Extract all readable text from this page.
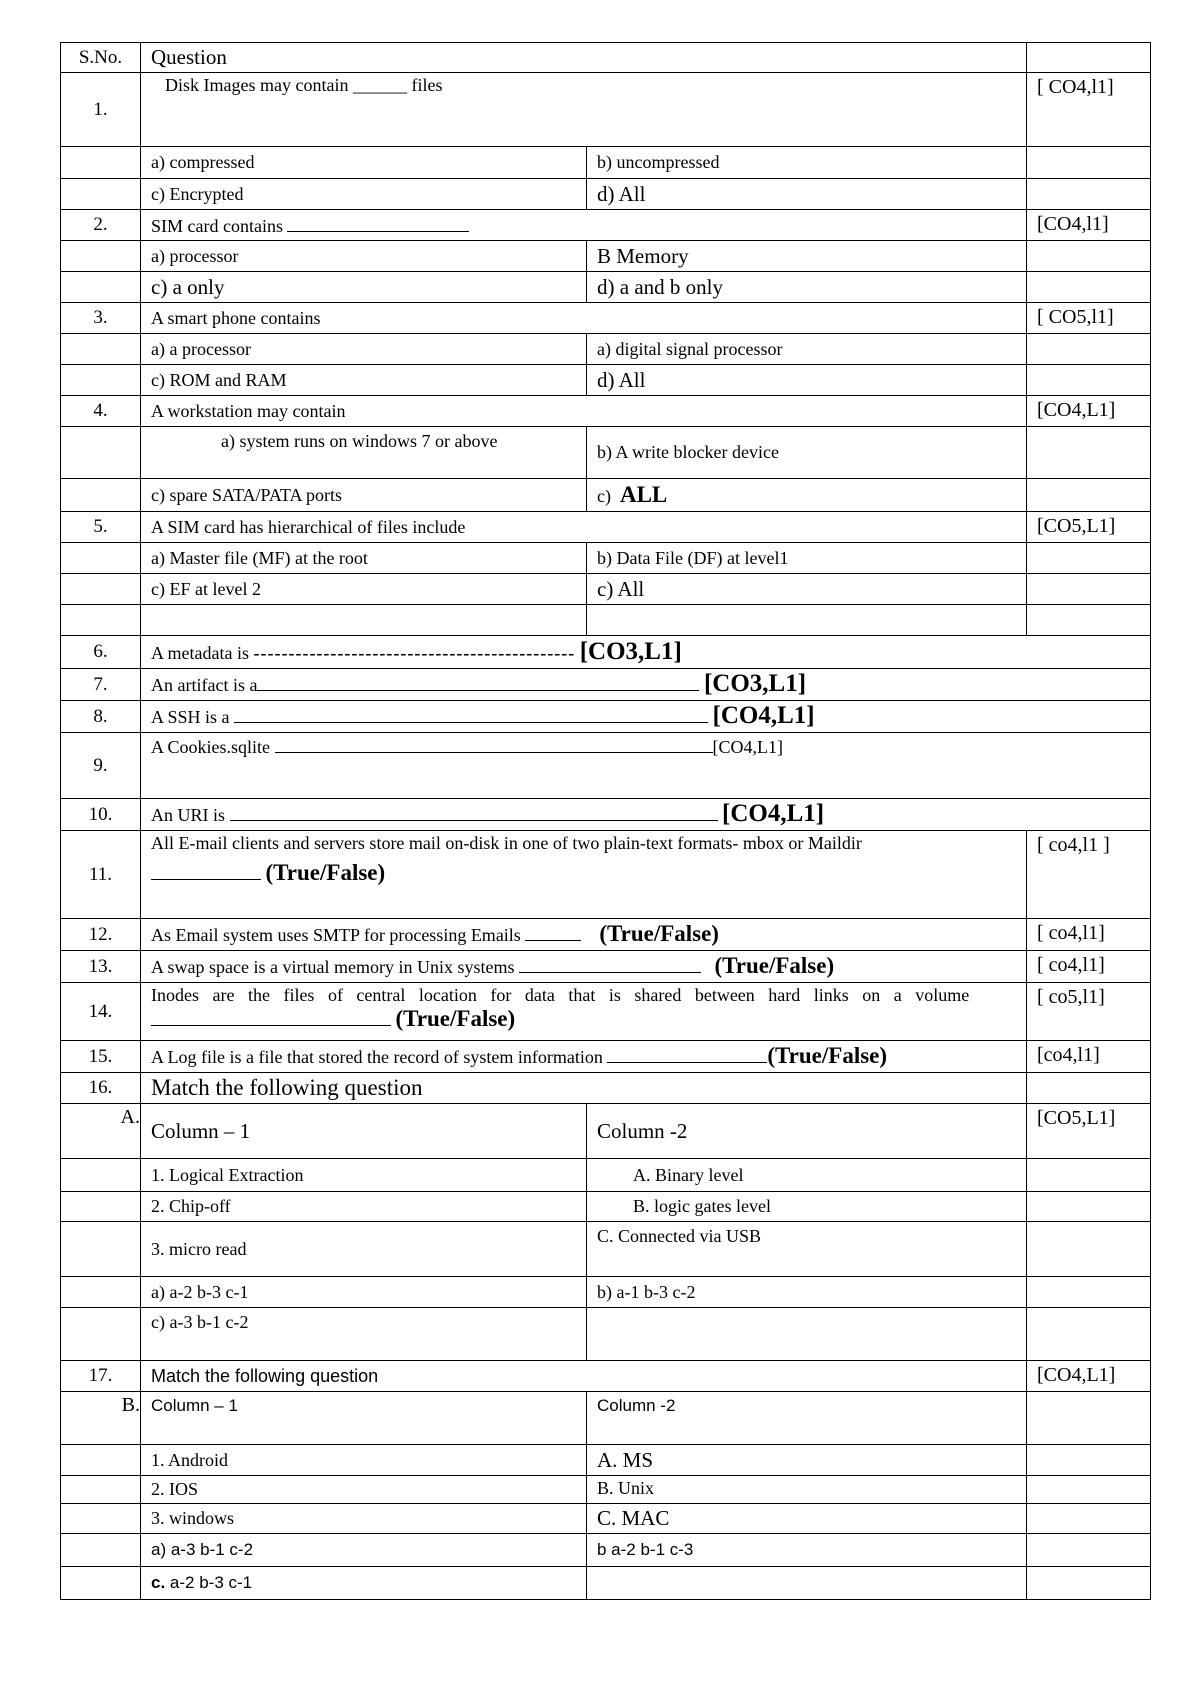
S.No.	Question		
1.	Disk Images may contain ______ files		[ CO4,l1]
	a) compressed	b) uncompressed	
	c) Encrypted	d) All	
2.	SIM card contains		[CO4,l1]
	a) processor	B Memory	
	c) a only	d) a and b only	
3.	A smart phone contains		[ CO5,l1]
	a) a processor	a) digital signal processor	
	c) ROM and RAM	d) All	
4.	A workstation may contain		[CO4,L1]
	a) system runs on windows 7 or above	b) A write blocker device	
	c) spare SATA/PATA ports	c) ALL	
5.	A SIM card has hierarchical of files include		[CO5,L1]
	a) Master file (MF) at the root	b) Data File (DF) at level1	
	c) EF at level 2	c) All	

6.	A metadata is ---------------------------------------------- [CO3,L1]		
7.	An artifact is a [CO3,L1]		
8.	A SSH is a [CO4,L1]		
9.	A Cookies.sqlite [CO4,L1]		
10.	An URI is [CO4,L1]		
11.	All E-mail clients and servers store mail on-disk in one of two plain-text formats- mbox or Maildir
(True/False)		[ co4,l1 ]
12.	As Email system uses SMTP for processing Emails (True/False)		[ co4,l1]
13.	A swap space is a virtual memory in Unix systems (True/False)		[ co4,l1]
14.	Inodes are the files of central location for data that is shared between hard links on a volume
(True/False)		[ co5,l1]
15.	A Log file is a file that stored the record of system information (True/False)		[co4,l1]
16.	Match the following question		
A.	Column – 1	Column -2	[CO5,L1]
	1. Logical Extraction	A. Binary level	
	2. Chip-off	B. logic gates level	
	3. micro read	C. Connected via USB	
	a) a-2 b-3 c-1	b) a-1 b-3 c-2	
	c) a-3 b-1 c-2		
17.	Match the following question		[CO4,L1]
B.	Column – 1	Column -2	
	1. Android	A. MS	
	2. IOS	B. Unix	
	3. windows	C. MAC	
	a) a-3 b-1 c-2	b a-2 b-1 c-3	
	c. a-2 b-3 c-1		
